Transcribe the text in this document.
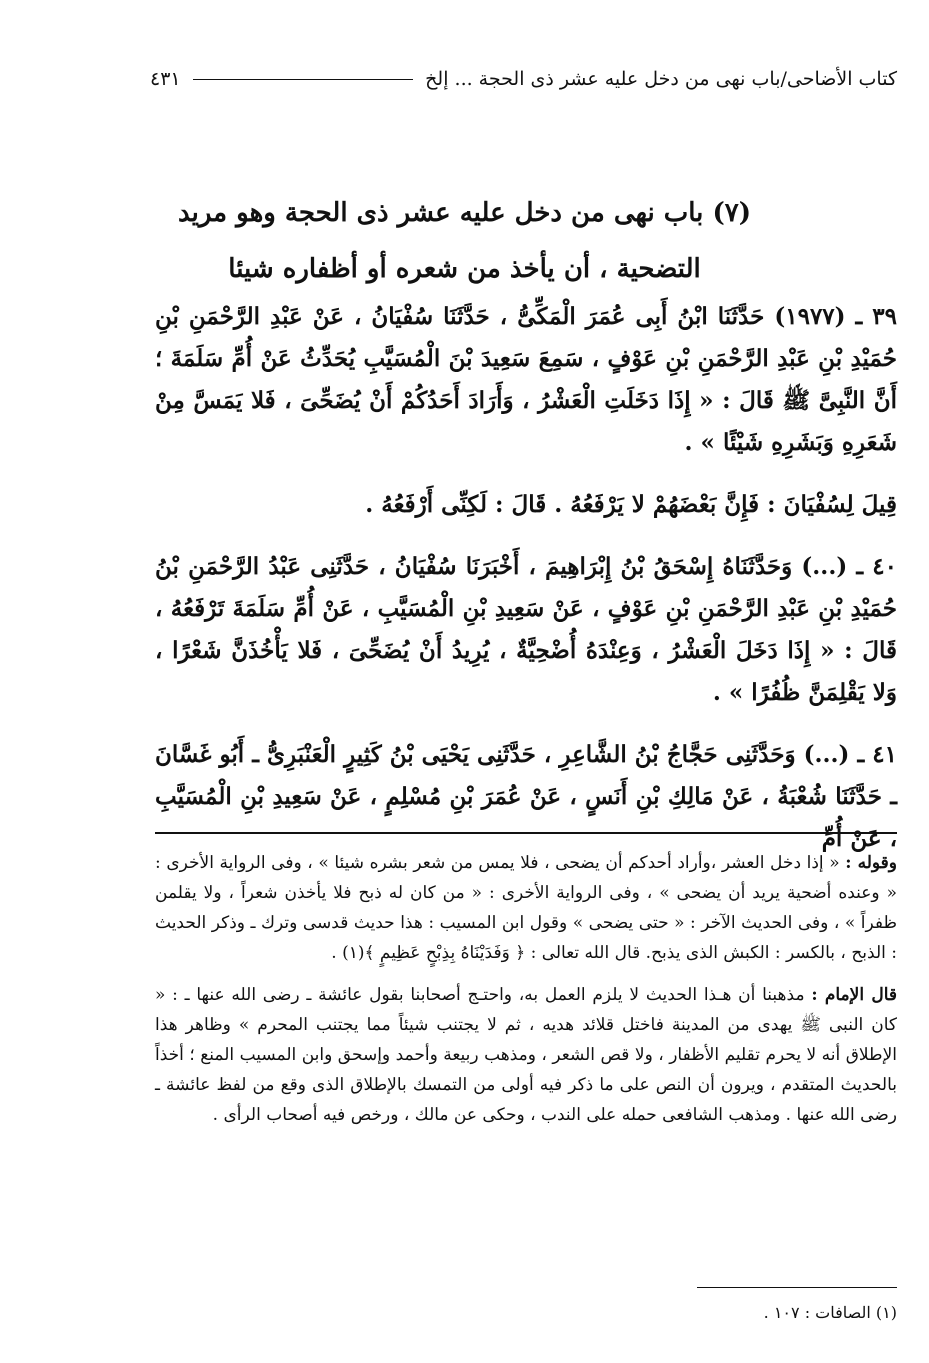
كتاب الأضاحى/باب نهى من دخل عليه عشر ذى الحجة ... إلخ
٤٣١
(٧) باب نهى من دخل عليه عشر ذى الحجة وهو مريد
التضحية ، أن يأخذ من شعره أو أظفاره شيئا

٣٩ ـ (١٩٧٧) حَدَّثَنَا ابْنُ أَبِى عُمَرَ الْمَكِّىُّ ، حَدَّثَنَا سُفْيَانُ ، عَنْ عَبْدِ الرَّحْمَنِ بْنِ حُمَيْدِ بْنِ عَبْدِ الرَّحْمَنِ بْنِ عَوْفٍ ، سَمِعَ سَعِيدَ بْنَ الْمُسَيَّبِ يُحَدِّثُ عَنْ أُمِّ سَلَمَةَ ؛ أَنَّ النَّبِىَّ ﷺ قَالَ : « إِذَا دَخَلَتِ الْعَشْرُ ، وَأَرَادَ أَحَدُكُمْ أَنْ يُضَحِّىَ ، فَلا يَمَسَّ مِنْ شَعَرِهِ وَبَشَرِهِ شَيْئًا » .

قِيلَ لِسُفْيَانَ : فَإِنَّ بَعْضَهُمْ لا يَرْفَعُهُ . قَالَ : لَكِنِّى أَرْفَعُهُ .

٤٠ ـ (...) وَحَدَّثَنَاهُ إِسْحَقُ بْنُ إِبْرَاهِيمَ ، أَخْبَرَنَا سُفْيَانُ ، حَدَّثَنِى عَبْدُ الرَّحْمَنِ بْنُ حُمَيْدِ بْنِ عَبْدِ الرَّحْمَنِ بْنِ عَوْفٍ ، عَنْ سَعِيدِ بْنِ الْمُسَيَّبِ ، عَنْ أُمِّ سَلَمَةَ تَرْفَعُهُ ، قَالَ : « إِذَا دَخَلَ الْعَشْرُ ، وَعِنْدَهُ أُضْحِيَّةٌ ، يُرِيدُ أَنْ يُضَحِّىَ ، فَلا يَأْخُذَنَّ شَعْرًا ، وَلا يَقْلِمَنَّ ظُفُرًا » .

٤١ ـ (...) وَحَدَّثَنِى حَجَّاجُ بْنُ الشَّاعِرِ ، حَدَّثَنِى يَحْيَى بْنُ كَثِيرٍ الْعَنْبَرِىُّ ـ أَبُو غَسَّانَ ـ حَدَّثَنَا شُعْبَةُ ، عَنْ مَالِكِ بْنِ أَنَسٍ ، عَنْ عُمَرَ بْنِ مُسْلِمٍ ، عَنْ سَعِيدِ بْنِ الْمُسَيَّبِ ، عَنْ أُمِّ

وقوله : « إذا دخل العشر ،وأراد أحدكم أن يضحى ، فلا يمس من شعر بشره شيئا » ، وفى الرواية الأخرى : « وعنده أضحية يريد أن يضحى » ، وفى الرواية الأخرى : « من كان له ذبح فلا يأخذن شعراً ، ولا يقلمن ظفراً » ، وفى الحديث الآخر : « حتى يضحى » وقول ابن المسيب : هذا حديث قدسى وترك ـ وذكر الحديث : الذبح ، بالكسر : الكبش الذى يذبح. قال الله تعالى : ﴿ وَفَدَيْنَاهُ بِذِبْحٍ عَظِيمٍ ﴾(١) .

قال الإمام : مذهبنا أن هـذا الحديث لا يلزم العمل به، واحتـج أصحابنا بقول عائشة ـ رضى الله عنها ـ : « كان النبى ﷺ يهدى من المدينة فاختل قلائد هديه ، ثم لا يجتنب شيئاً مما يجتنب المحرم » وظاهر هذا الإطلاق أنه لا يحرم تقليم الأظفار ، ولا قص الشعر ، ومذهب ربيعة وأحمد وإسحق وابن المسيب المنع ؛ أخذاً بالحديث المتقدم ، ويرون أن النص على ما ذكر فيه أولى من التمسك بالإطلاق الذى وقع من لفظ عائشة ـ رضى الله عنها . ومذهب الشافعى حمله على الندب ، وحكى عن مالك ، ورخص فيه أصحاب الرأى .

(١) الصافات : ١٠٧ .
